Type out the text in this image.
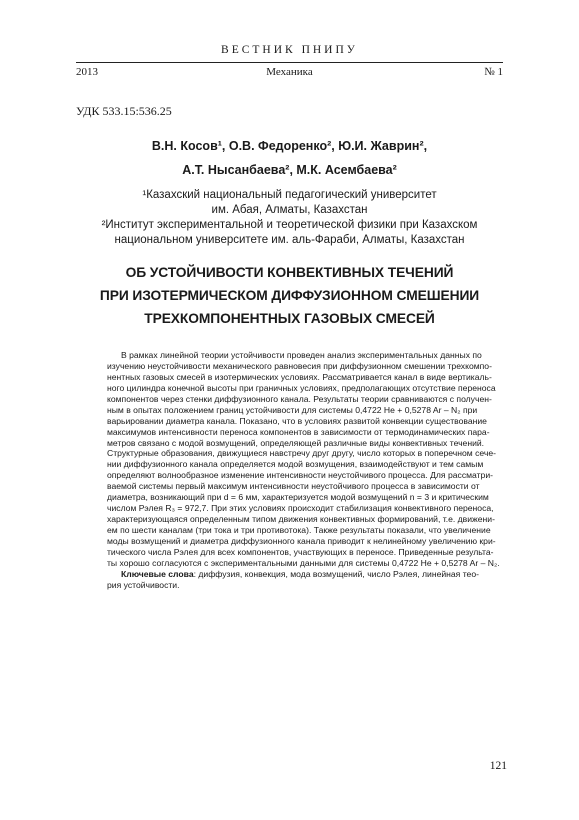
ВЕСТНИК ПНИПУ
2013	Механика	№ 1
УДК 533.15:536.25
В.Н. Косов¹, О.В. Федоренко², Ю.И. Жаврин²,
А.Т. Нысанбаева², М.К. Асембаева²
¹Казахский национальный педагогический университет
им. Абая, Алматы, Казахстан
²Институт экспериментальной и теоретической физики при Казахском
национальном университете им. аль-Фараби, Алматы, Казахстан
ОБ УСТОЙЧИВОСТИ КОНВЕКТИВНЫХ ТЕЧЕНИЙ
ПРИ ИЗОТЕРМИЧЕСКОМ ДИФФУЗИОННОМ СМЕШЕНИИ
ТРЕХКОМПОНЕНТНЫХ ГАЗОВЫХ СМЕСЕЙ
В рамках линейной теории устойчивости проведен анализ экспериментальных данных по
изучению неустойчивости механического равновесия при диффузионном смешении трехкомпо-
нентных газовых смесей в изотермических условиях. Рассматривается канал в виде вертикаль-
ного цилиндра конечной высоты при граничных условиях, предполагающих отсутствие переноса
компонентов через стенки диффузионного канала. Результаты теории сравниваются с получен-
ным в опытах положением границ устойчивости для системы 0,4722 He + 0,5278 Ar – N₂ при
варьировании диаметра канала. Показано, что в условиях развитой конвекции существование
максимумов интенсивности переноса компонентов в зависимости от термодинамических пара-
метров связано с модой возмущений, определяющей различные виды конвективных течений.
Структурные образования, движущиеся навстречу друг другу, число которых в поперечном сече-
нии диффузионного канала определяется модой возмущения, взаимодействуют и тем самым
определяют волнообразное изменение интенсивности неустойчивого процесса. Для рассматри-
ваемой системы первый максимум интенсивности неустойчивого процесса в зависимости от
диаметра, возникающий при d = 6 мм, характеризуется модой возмущений n = 3 и критическим
числом Рэлея R₃ = 972,7. При этих условиях происходит стабилизация конвективного переноса,
характеризующаяся определенным типом движения конвективных формирований, т.е. движени-
ем по шести каналам (три тока и три противотока). Также результаты показали, что увеличение
моды возмущений и диаметра диффузионного канала приводит к нелинейному увеличению кри-
тического числа Рэлея для всех компонентов, участвующих в переносе. Приведенные результа-
ты хорошо согласуются с экспериментальными данными для системы 0,4722 He + 0,5278 Ar – N₂.
Ключевые слова: диффузия, конвекция, мода возмущений, число Рэлея, линейная тео-
рия устойчивости.
121
